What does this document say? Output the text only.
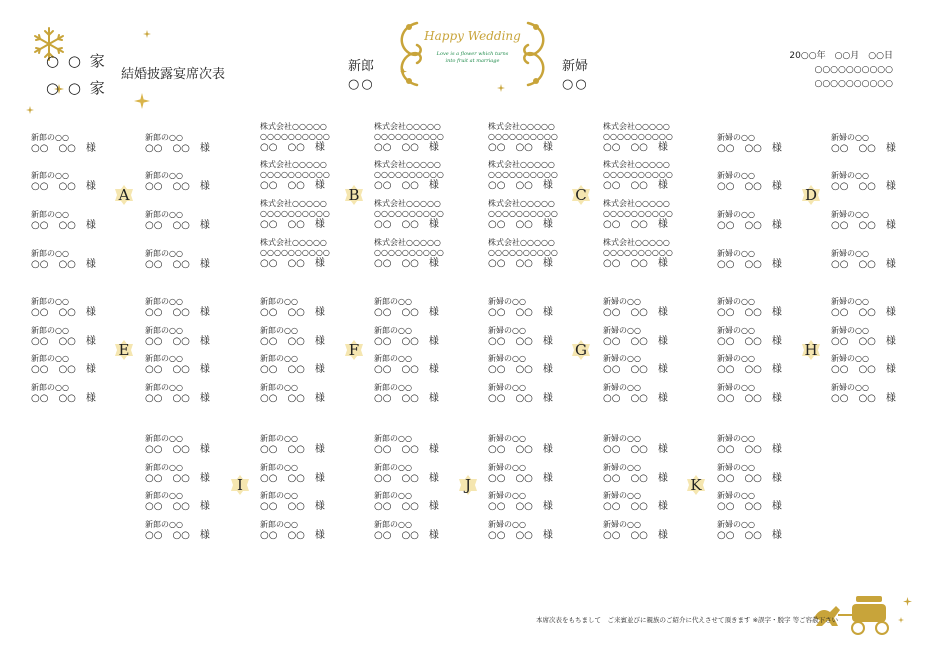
○ ○ 家
○ ○ 家
結婚披露宴席次表
新郎
○○
新婦
○○
Happy Wedding
Love is a flower which turns
into fruit at marriage	20○○年　○○月　○○日
○○○○○○○○○○
○○○○○○○○○○
新郎の○○
○○　○○　様
新郎の○○
○○　○○　様
新郎の○○
○○　○○　様
新郎の○○
○○　○○　様
新郎の○○
○○　○○　様
新郎の○○
○○　○○　様
新郎の○○
○○　○○　様
新郎の○○
○○　○○　様
A
株式会社○○○○○
○○○○○○○○○○
○○　○○　様
株式会社○○○○○
○○○○○○○○○○
○○　○○　様
株式会社○○○○○
○○○○○○○○○○
○○　○○　様
株式会社○○○○○
○○○○○○○○○○
○○　○○　様
株式会社○○○○○
○○○○○○○○○○
○○　○○　様
株式会社○○○○○
○○○○○○○○○○
○○　○○　様
株式会社○○○○○
○○○○○○○○○○
○○　○○　様
株式会社○○○○○
○○○○○○○○○○
○○　○○　様
B
株式会社○○○○○
○○○○○○○○○○
○○　○○　様
株式会社○○○○○
○○○○○○○○○○
○○　○○　様
株式会社○○○○○
○○○○○○○○○○
○○　○○　様
株式会社○○○○○
○○○○○○○○○○
○○　○○　様
株式会社○○○○○
○○○○○○○○○○
○○　○○　様
株式会社○○○○○
○○○○○○○○○○
○○　○○　様
株式会社○○○○○
○○○○○○○○○○
○○　○○　様
株式会社○○○○○
○○○○○○○○○○
○○　○○　様
C
新婦の○○
○○　○○　様
新婦の○○
○○　○○　様
新婦の○○
○○　○○　様
新婦の○○
○○　○○　様
新婦の○○
○○　○○　様
新婦の○○
○○　○○　様
新婦の○○
○○　○○　様
新婦の○○
○○　○○　様
D
新郎の○○
○○　○○　様
新郎の○○
○○　○○　様
新郎の○○
○○　○○　様
新郎の○○
○○　○○　様
新郎の○○
○○　○○　様
新郎の○○
○○　○○　様
新郎の○○
○○　○○　様
新郎の○○
○○　○○　様
E
新郎の○○
○○　○○　様
新郎の○○
○○　○○　様
新郎の○○
○○　○○　様
新郎の○○
○○　○○　様
新郎の○○
○○　○○　様
新郎の○○
○○　○○　様
新郎の○○
○○　○○　様
新郎の○○
○○　○○　様
F
新婦の○○
○○　○○　様
新婦の○○
○○　○○　様
新婦の○○
○○　○○　様
新婦の○○
○○　○○　様
新婦の○○
○○　○○　様
新婦の○○
○○　○○　様
新婦の○○
○○　○○　様
新婦の○○
○○　○○　様
G
新婦の○○
○○　○○　様
新婦の○○
○○　○○　様
新婦の○○
○○　○○　様
新婦の○○
○○　○○　様
新婦の○○
○○　○○　様
新婦の○○
○○　○○　様
新婦の○○
○○　○○　様
新婦の○○
○○　○○　様
H
新郎の○○
○○　○○　様
新郎の○○
○○　○○　様
新郎の○○
○○　○○　様
新郎の○○
○○　○○　様
新郎の○○
○○　○○　様
新郎の○○
○○　○○　様
新郎の○○
○○　○○　様
新郎の○○
○○　○○　様
I
新郎の○○
○○　○○　様
新郎の○○
○○　○○　様
新郎の○○
○○　○○　様
新郎の○○
○○　○○　様
新婦の○○
○○　○○　様
新婦の○○
○○　○○　様
新婦の○○
○○　○○　様
新婦の○○
○○　○○　様
J
新婦の○○
○○　○○　様
新婦の○○
○○　○○　様
新婦の○○
○○　○○　様
新婦の○○
○○　○○　様
新婦の○○
○○　○○　様
新婦の○○
○○　○○　様
新婦の○○
○○　○○　様
新婦の○○
○○　○○　様
K
本席次表をもちまして　ご来賓並びに親族のご紹介に代えさせて頂きます ※誤字・脱字 等ご容赦下さい
